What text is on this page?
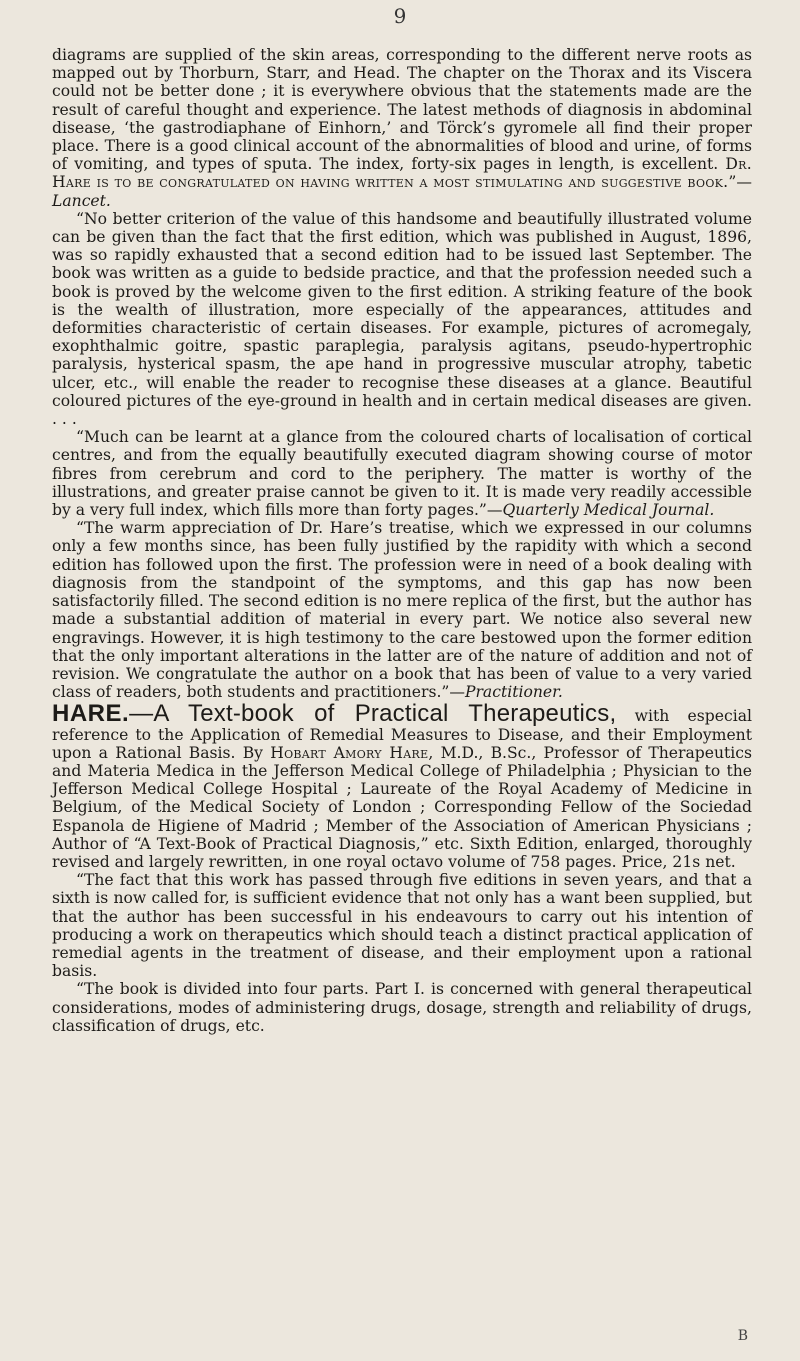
9

diagrams are supplied of the skin areas, corresponding to the different nerve roots as mapped out by Thorburn, Starr, and Head. The chapter on the Thorax and its Viscera could not be better done ; it is everywhere obvious that the statements made are the result of careful thought and experience. The latest methods of diagnosis in abdominal disease, ‘the gastrodiaphane of Einhorn,’ and Törck’s gyromele all find their proper place. There is a good clinical account of the abnormalities of blood and urine, of forms of vomiting, and types of sputa. The index, forty-six pages in length, is excellent. Dr. Hare is to be congratulated on having written a most stimulating and suggestive book.”—Lancet.

“No better criterion of the value of this handsome and beautifully illustrated volume can be given than the fact that the first edition, which was published in August, 1896, was so rapidly exhausted that a second edition had to be issued last September. The book was written as a guide to bedside practice, and that the profession needed such a book is proved by the welcome given to the first edition. A striking feature of the book is the wealth of illustration, more especially of the appearances, attitudes and deformities characteristic of certain diseases. For example, pictures of acromegaly, exophthalmic goitre, spastic paraplegia, paralysis agitans, pseudo-hypertrophic paralysis, hysterical spasm, the ape hand in progressive muscular atrophy, tabetic ulcer, etc., will enable the reader to recognise these diseases at a glance. Beautiful coloured pictures of the eye-ground in health and in certain medical diseases are given. . . .

“Much can be learnt at a glance from the coloured charts of localisation of cortical centres, and from the equally beautifully executed diagram showing course of motor fibres from cerebrum and cord to the periphery. The matter is worthy of the illustrations, and greater praise cannot be given to it. It is made very readily accessible by a very full index, which fills more than forty pages.”—Quarterly Medical Journal.

“The warm appreciation of Dr. Hare’s treatise, which we expressed in our columns only a few months since, has been fully justified by the rapidity with which a second edition has followed upon the first. The profession were in need of a book dealing with diagnosis from the standpoint of the symptoms, and this gap has now been satisfactorily filled. The second edition is no mere replica of the first, but the author has made a substantial addition of material in every part. We notice also several new engravings. However, it is high testimony to the care bestowed upon the former edition that the only important alterations in the latter are of the nature of addition and not of revision. We congratulate the author on a book that has been of value to a very varied class of readers, both students and practitioners.”—Practitioner.

HARE.—A Text-book of Practical Therapeutics, with especial reference to the Application of Remedial Measures to Disease, and their Employment upon a Rational Basis. By Hobart Amory Hare, M.D., B.Sc., Professor of Therapeutics and Materia Medica in the Jefferson Medical College of Philadelphia ; Physician to the Jefferson Medical College Hospital ; Laureate of the Royal Academy of Medicine in Belgium, of the Medical Society of London ; Corresponding Fellow of the Sociedad Espanola de Higiene of Madrid ; Member of the Association of American Physicians ; Author of “A Text-Book of Practical Diagnosis,” etc. Sixth Edition, enlarged, thoroughly revised and largely rewritten, in one royal octavo volume of 758 pages. Price, 21s net.

“The fact that this work has passed through five editions in seven years, and that a sixth is now called for, is sufficient evidence that not only has a want been supplied, but that the author has been successful in his endeavours to carry out his intention of producing a work on therapeutics which should teach a distinct practical application of remedial agents in the treatment of disease, and their employment upon a rational basis.

“The book is divided into four parts. Part I. is concerned with general therapeutical considerations, modes of administering drugs, dosage, strength and reliability of drugs, classification of drugs, etc.

B
